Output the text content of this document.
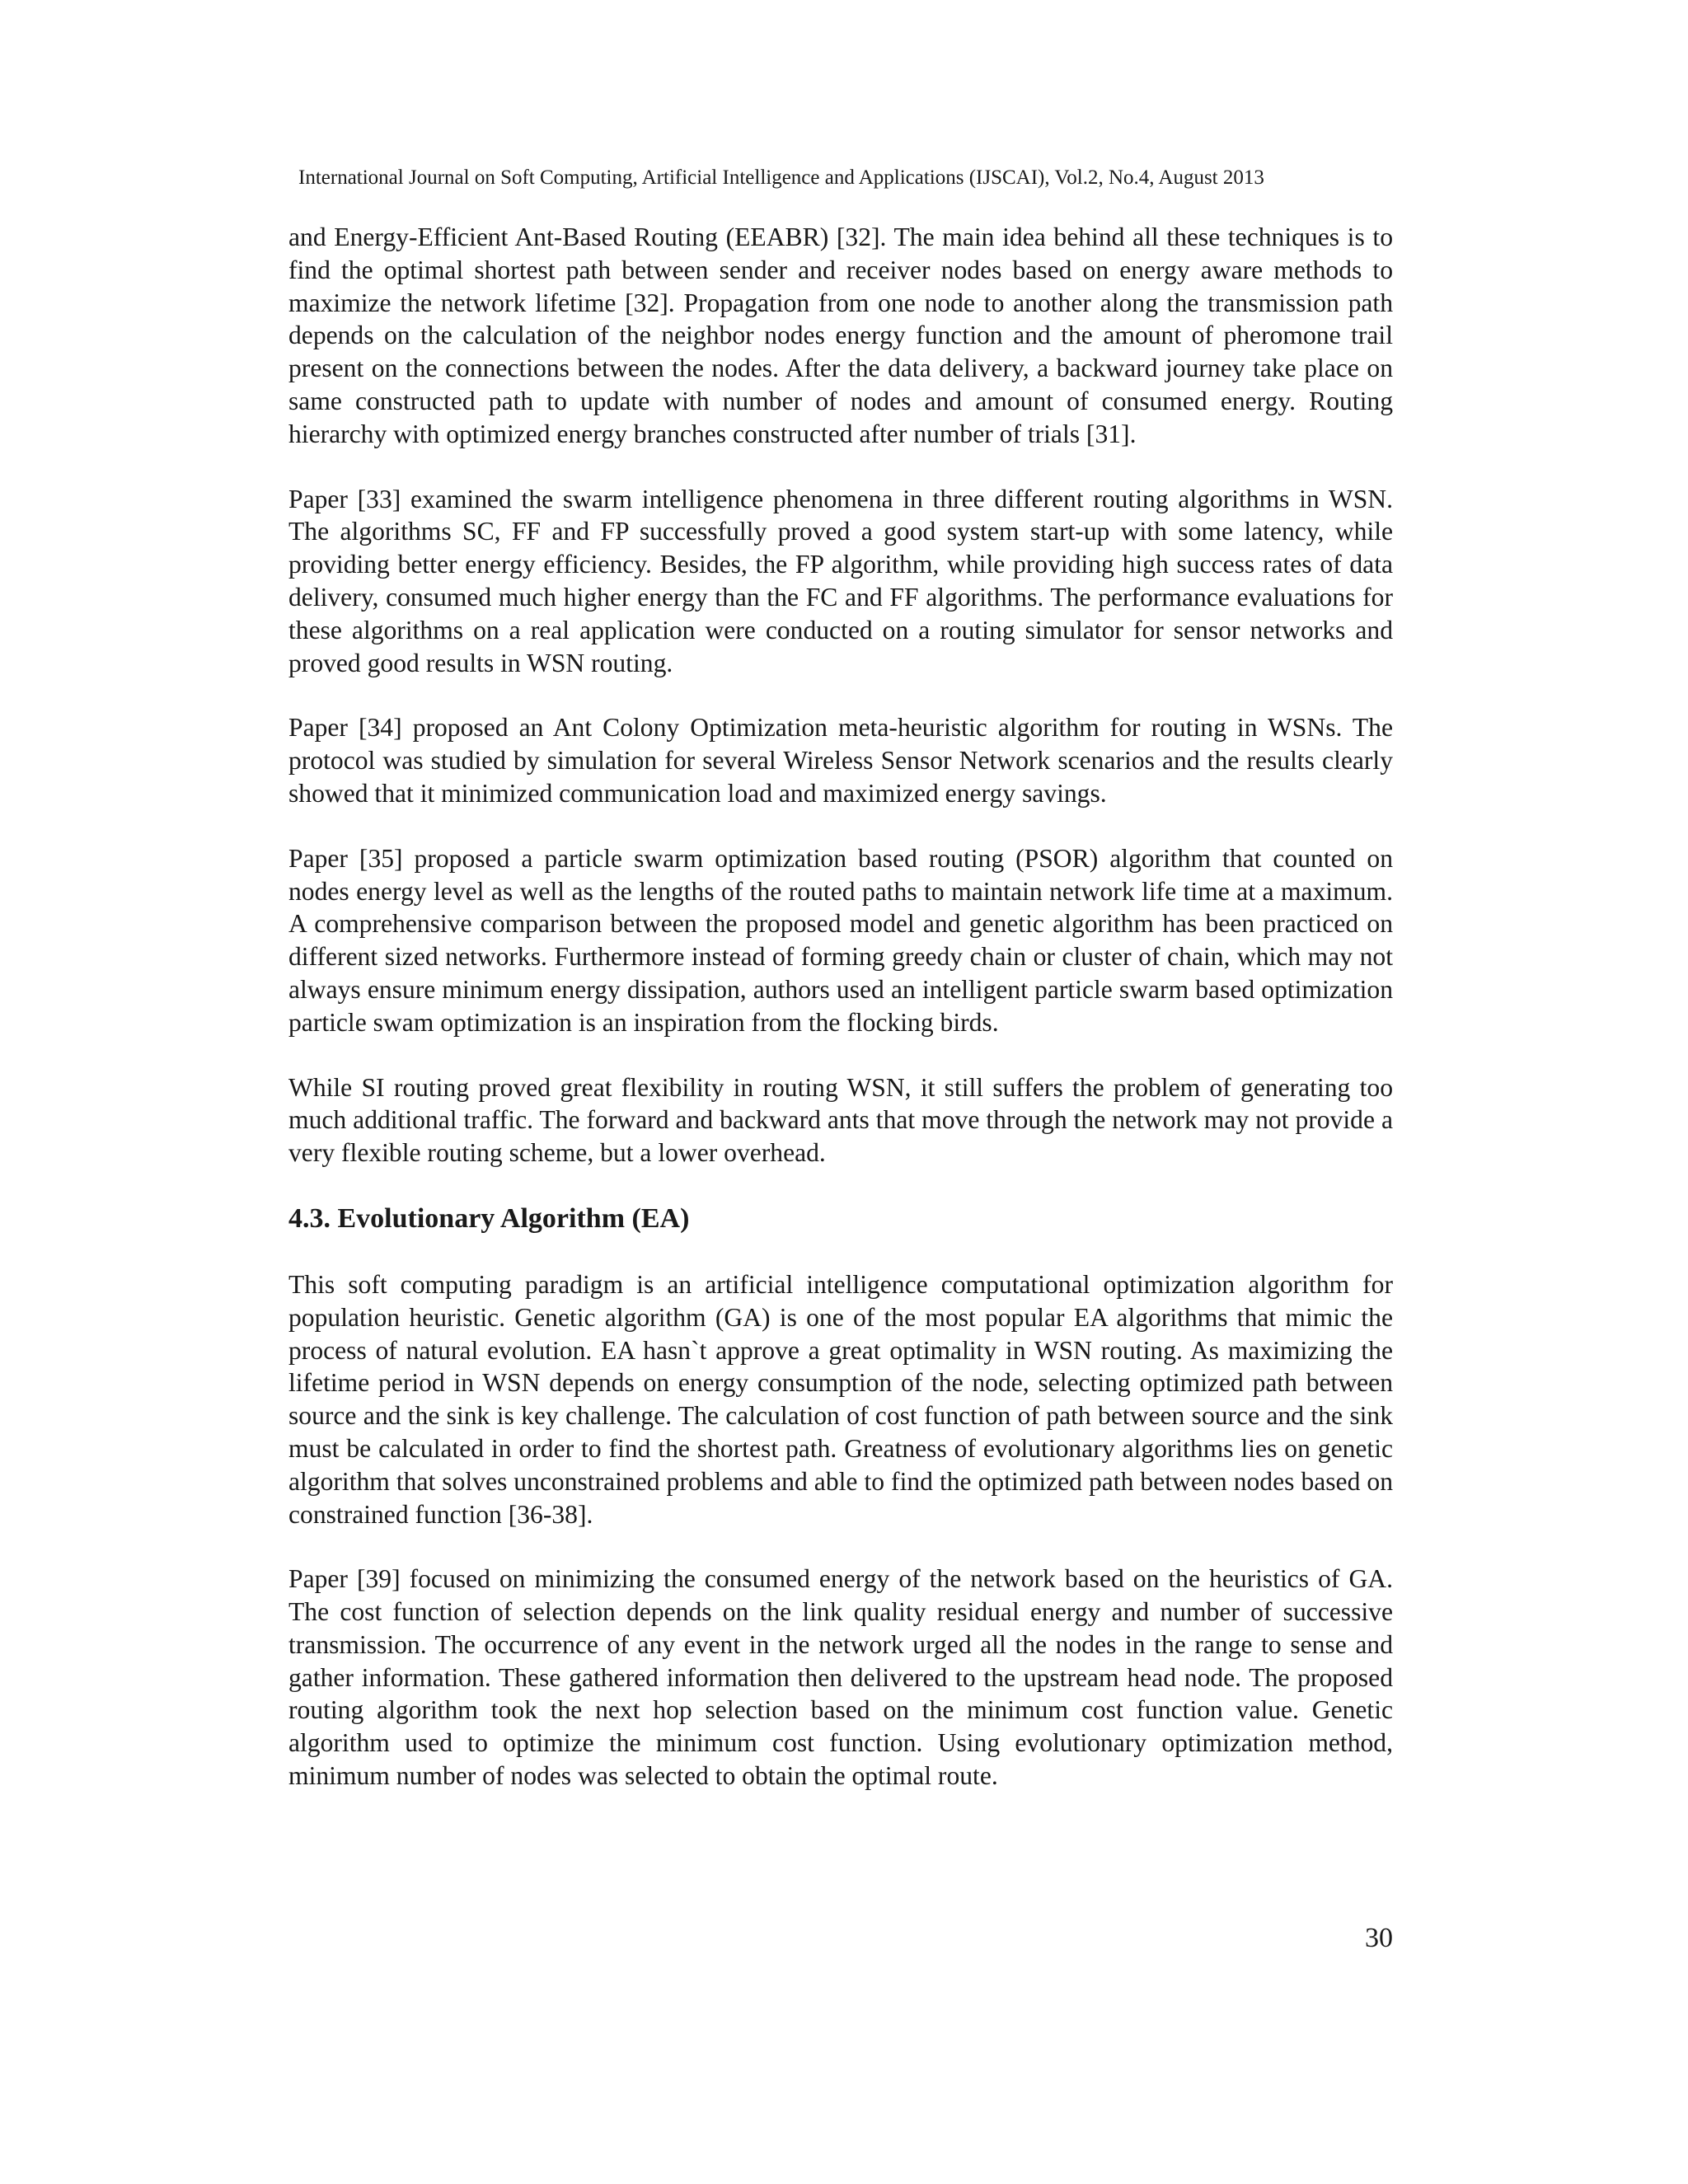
International Journal on Soft Computing, Artificial Intelligence and Applications (IJSCAI), Vol.2, No.4, August 2013

and Energy-Efficient Ant-Based Routing (EEABR) [32]. The main idea behind all these techniques is to find the optimal shortest path between sender and receiver nodes based on energy aware methods to maximize the network lifetime [32]. Propagation from one node to another along the transmission path depends on the calculation of the neighbor nodes energy function and the amount of pheromone trail present on the connections between the nodes. After the data delivery, a backward journey take place on same constructed path to update with number of nodes and amount of consumed energy. Routing hierarchy with optimized energy branches constructed after number of trials [31].

Paper [33] examined the swarm intelligence phenomena in three different routing algorithms in WSN. The algorithms SC, FF and FP successfully proved a good system start-up with some latency, while providing better energy efficiency. Besides, the FP algorithm, while providing high success rates of data delivery, consumed much higher energy than the FC and FF algorithms. The performance evaluations for these algorithms on a real application were conducted on a routing simulator for sensor networks and proved good results in WSN routing.

Paper [34] proposed an Ant Colony Optimization meta-heuristic algorithm for routing in WSNs. The protocol was studied by simulation for several Wireless Sensor Network scenarios and the results clearly showed that it minimized communication load and maximized energy savings.

Paper [35] proposed a particle swarm optimization based routing (PSOR) algorithm that counted on nodes energy level as well as the lengths of the routed paths to maintain network life time at a maximum. A comprehensive comparison between the proposed model and genetic algorithm has been practiced on different sized networks. Furthermore instead of forming greedy chain or cluster of chain, which may not always ensure minimum energy dissipation, authors used an intelligent particle swarm based optimization particle swam optimization is an inspiration from the flocking birds.

While SI routing proved great flexibility in routing WSN, it still suffers the problem of generating too much additional traffic. The forward and backward ants that move through the network may not provide a very flexible routing scheme, but a lower overhead.

4.3. Evolutionary Algorithm (EA)

This soft computing paradigm is an artificial intelligence computational optimization algorithm for population heuristic. Genetic algorithm (GA) is one of the most popular EA algorithms that mimic the process of natural evolution. EA hasn`t approve a great optimality in WSN routing. As maximizing the lifetime period in WSN depends on energy consumption of the node, selecting optimized path between source and the sink is key challenge. The calculation of cost function of path between source and the sink must be calculated in order to find the shortest path. Greatness of evolutionary algorithms lies on genetic algorithm that solves unconstrained problems and able to find the optimized path between nodes based on constrained function [36-38].

Paper [39] focused on minimizing the consumed energy of the network based on the heuristics of GA. The cost function of selection depends on the link quality residual energy and number of successive transmission. The occurrence of any event in the network urged all the nodes in the range to sense and gather information. These gathered information then delivered to the upstream head node. The proposed routing algorithm took the next hop selection based on the minimum cost function value. Genetic algorithm used to optimize the minimum cost function. Using evolutionary optimization method, minimum number of nodes was selected to obtain the optimal route.

30
